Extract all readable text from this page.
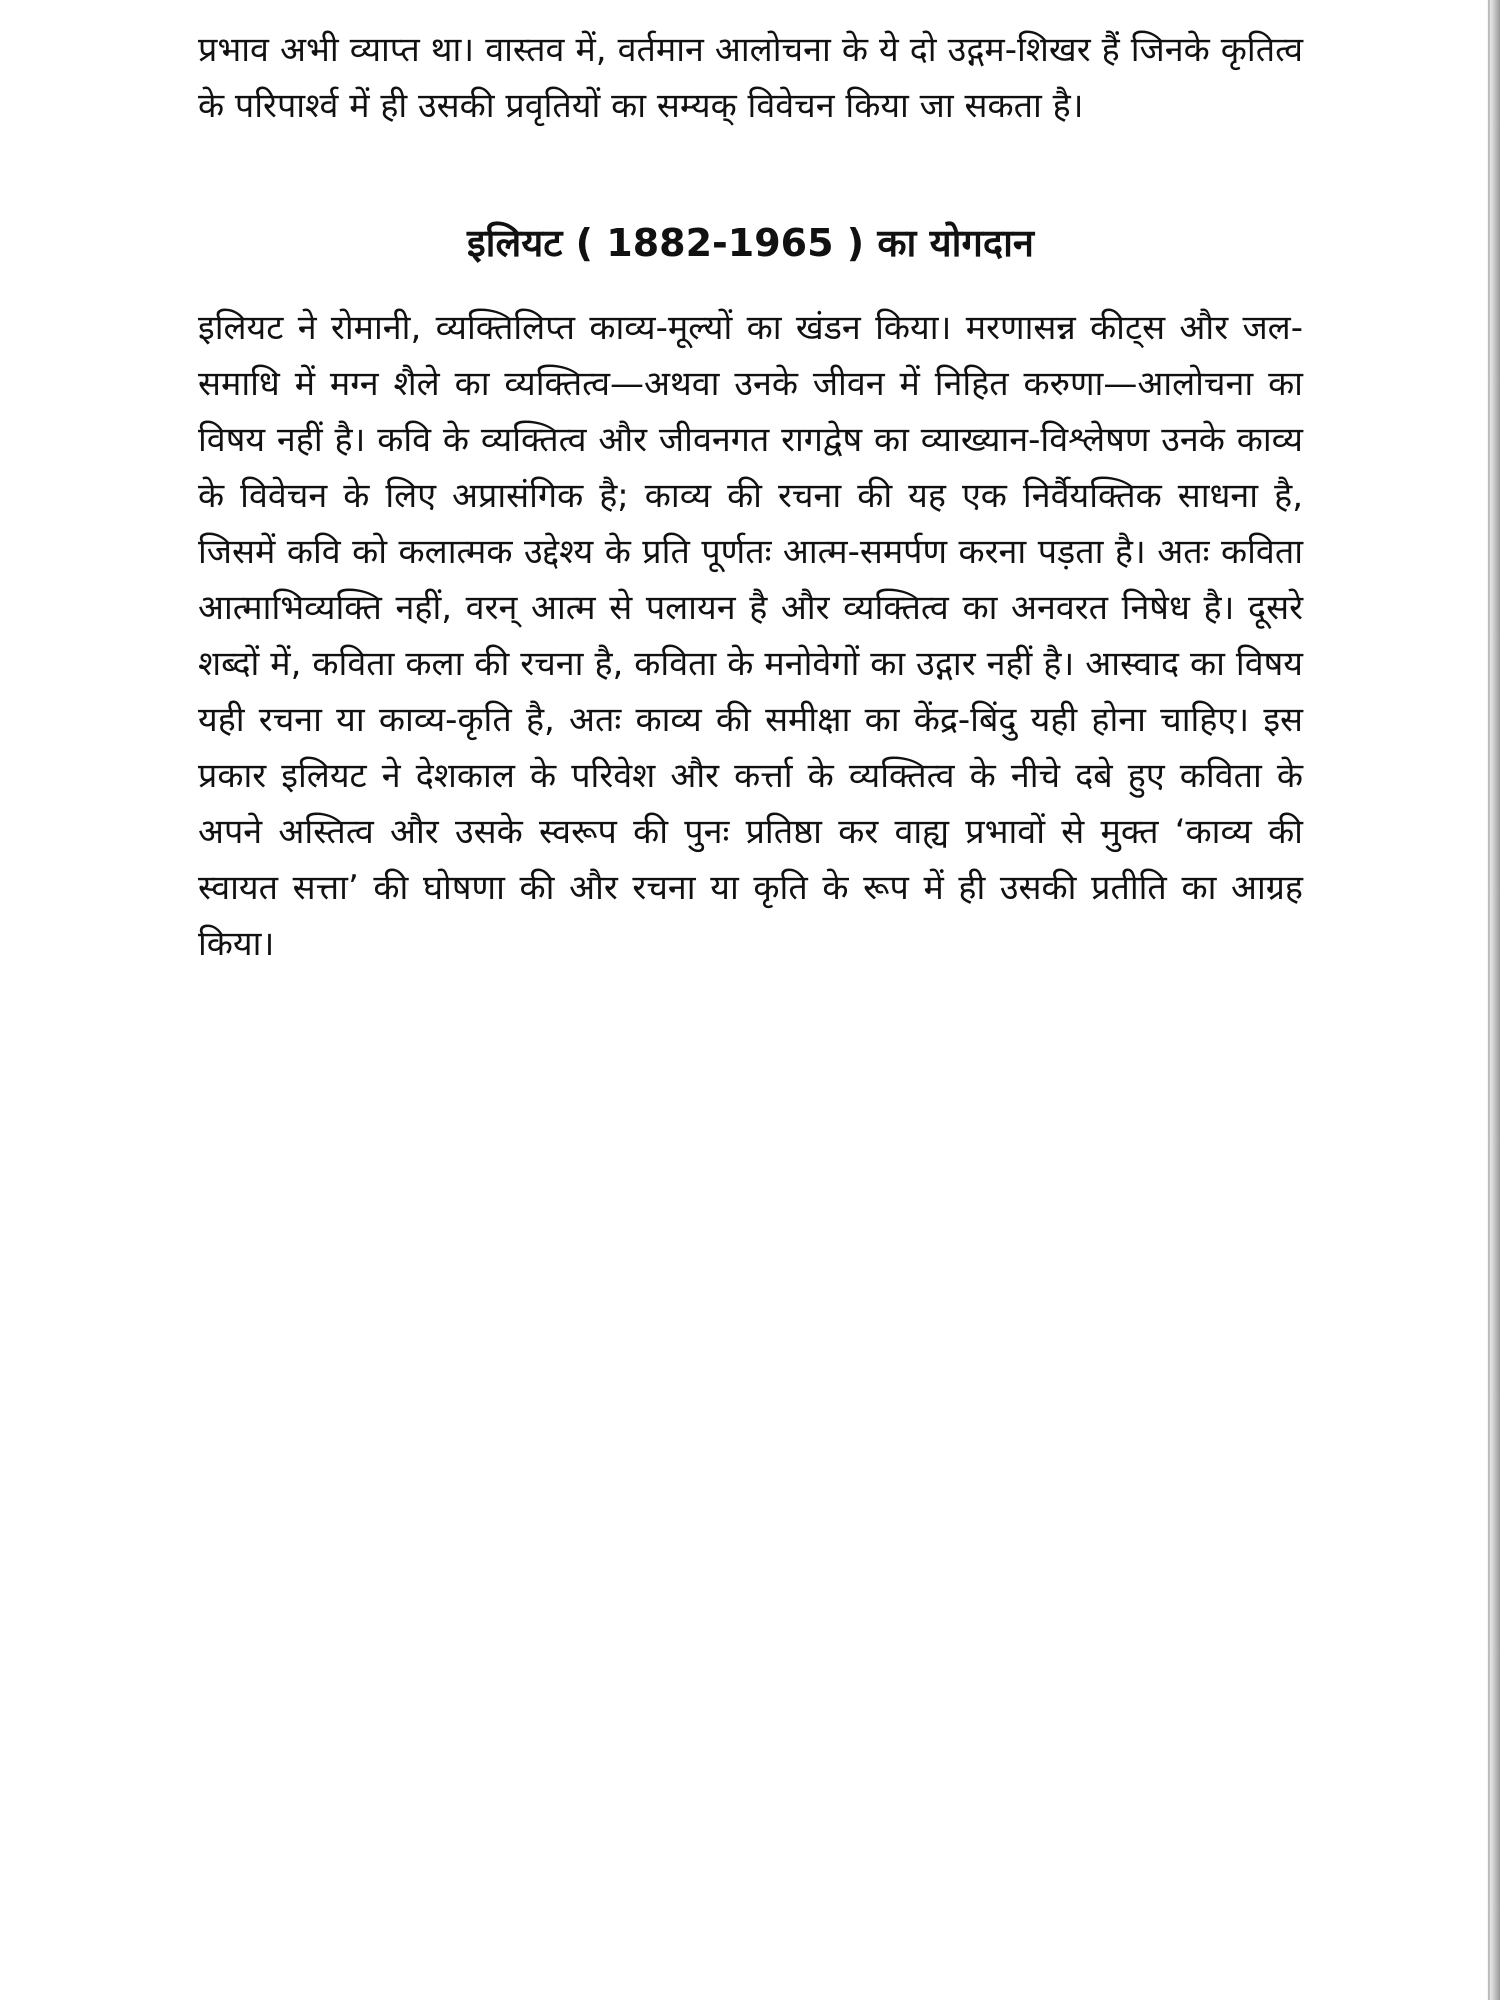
प्रभाव अभी व्याप्त था। वास्तव में, वर्तमान आलोचना के ये दो उद्गम-शिखर हैं जिनके कृतित्व के परिपार्श्व में ही उसकी प्रवृतियों का सम्यक् विवेचन किया जा सकता है।

इलियट ( 1882-1965 ) का योगदान

इलियट ने रोमानी, व्यक्तिलिप्त काव्य-मूल्यों का खंडन किया। मरणासन्न कीट्स और जल-समाधि में मग्न शैले का व्यक्तित्व—अथवा उनके जीवन में निहित करुणा—आलोचना का विषय नहीं है। कवि के व्यक्तित्व और जीवनगत रागद्वेष का व्याख्यान-विश्लेषण उनके काव्य के विवेचन के लिए अप्रासंगिक है; काव्य की रचना की यह एक निर्वैयक्तिक साधना है, जिसमें कवि को कलात्मक उद्देश्य के प्रति पूर्णतः आत्म-समर्पण करना पड़ता है। अतः कविता आत्माभिव्यक्ति नहीं, वरन् आत्म से पलायन है और व्यक्तित्व का अनवरत निषेध है। दूसरे शब्दों में, कविता कला की रचना है, कविता के मनोवेगों का उद्गार नहीं है। आस्वाद का विषय यही रचना या काव्य-कृति है, अतः काव्य की समीक्षा का केंद्र-बिंदु यही होना चाहिए। इस प्रकार इलियट ने देशकाल के परिवेश और कर्त्ता के व्यक्तित्व के नीचे दबे हुए कविता के अपने अस्तित्व और उसके स्वरूप की पुनः प्रतिष्ठा कर वाह्य प्रभावों से मुक्त ‘काव्य की स्वायत सत्ता’ की घोषणा की और रचना या कृति के रूप में ही उसकी प्रतीति का आग्रह किया।
